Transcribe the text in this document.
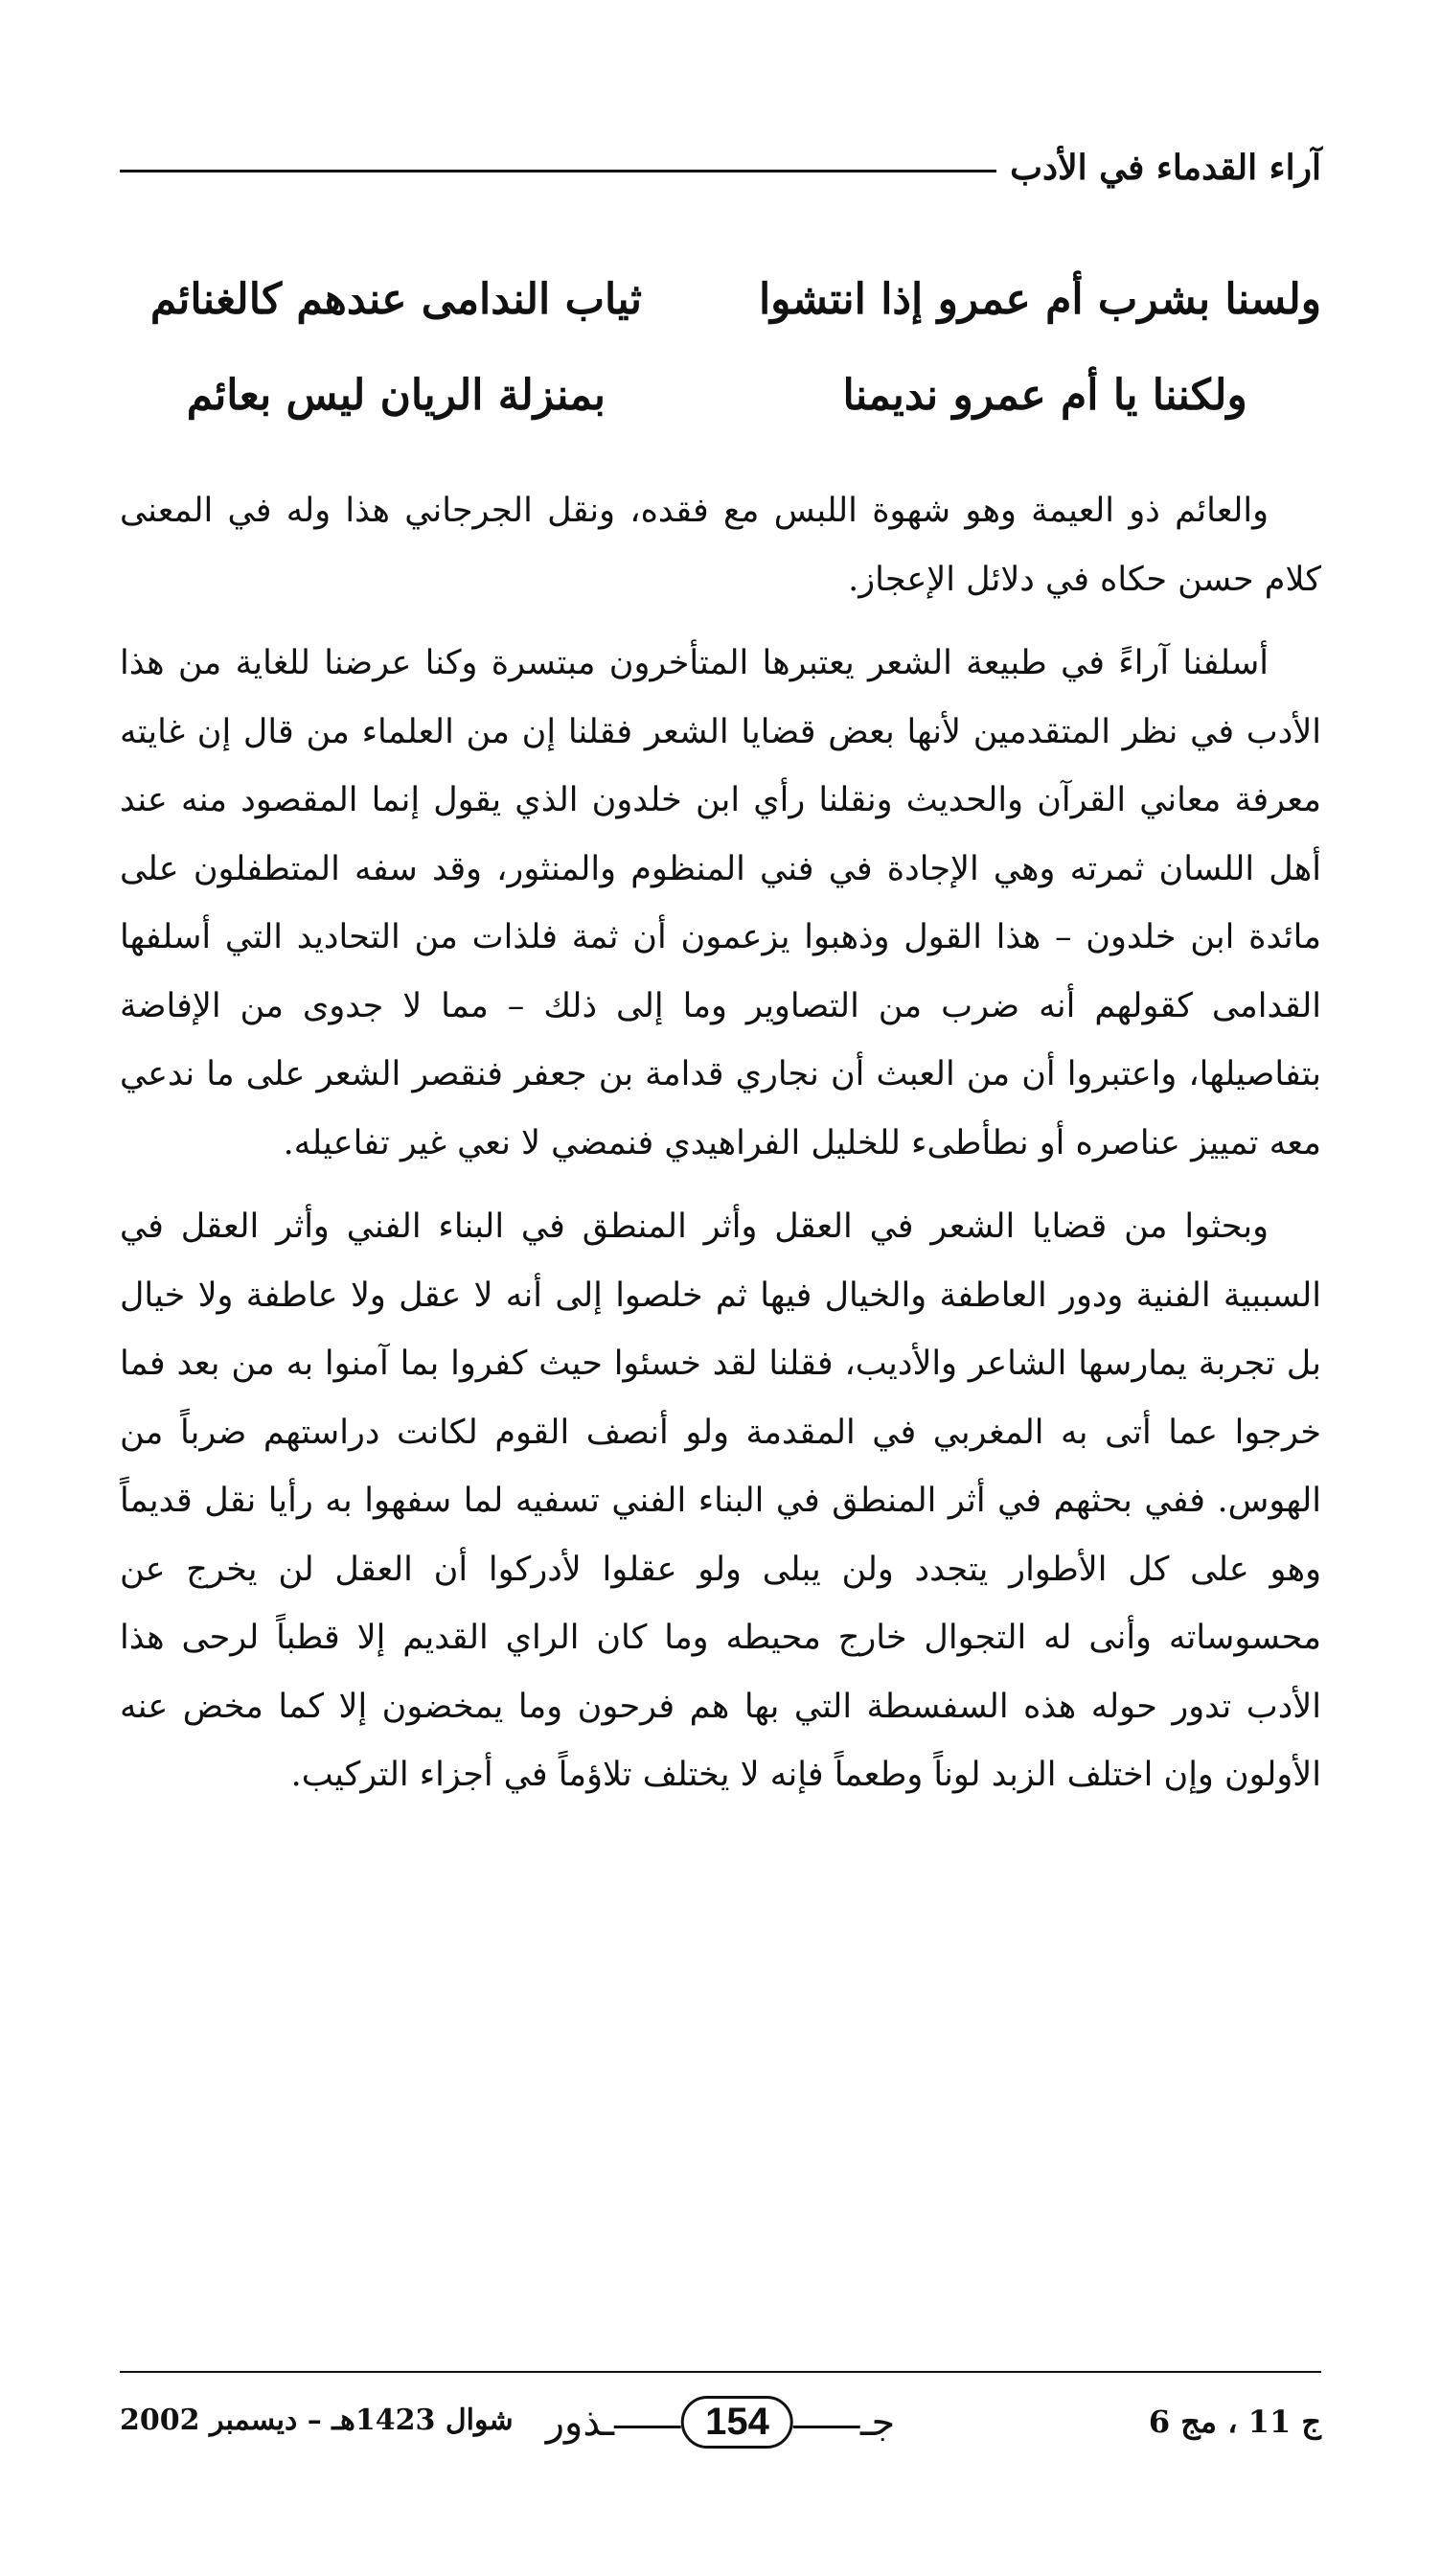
آراء القدماء في الأدب
ولسنا بشرب أم عمرو إذا انتشوا
ثياب الندامى عندهم كالغنائم
ولكننا يا أم عمرو نديمنا
بمنزلة الريان ليس بعائم

والعائم ذو العيمة وهو شهوة اللبس مع فقده، ونقل الجرجاني هذا وله في المعنى كلام حسن حكاه في دلائل الإعجاز.

أسلفنا آراءً في طبيعة الشعر يعتبرها المتأخرون مبتسرة وكنا عرضنا للغاية من هذا الأدب في نظر المتقدمين لأنها بعض قضايا الشعر فقلنا إن من العلماء من قال إن غايته معرفة معاني القرآن والحديث ونقلنا رأي ابن خلدون الذي يقول إنما المقصود منه عند أهل اللسان ثمرته وهي الإجادة في فني المنظوم والمنثور، وقد سفه المتطفلون على مائدة ابن خلدون – هذا القول وذهبوا يزعمون أن ثمة فلذات من التحاديد التي أسلفها القدامى كقولهم أنه ضرب من التصاوير وما إلى ذلك – مما لا جدوى من الإفاضة بتفاصيلها، واعتبروا أن من العبث أن نجاري قدامة بن جعفر فنقصر الشعر على ما ندعي معه تمييز عناصره أو نطأطىء للخليل الفراهيدي فنمضي لا نعي غير تفاعيله.

وبحثوا من قضايا الشعر في العقل وأثر المنطق في البناء الفني وأثر العقل في السببية الفنية ودور العاطفة والخيال فيها ثم خلصوا إلى أنه لا عقل ولا عاطفة ولا خيال بل تجربة يمارسها الشاعر والأديب، فقلنا لقد خسئوا حيث كفروا بما آمنوا به من بعد فما خرجوا عما أتى به المغربي في المقدمة ولو أنصف القوم لكانت دراستهم ضرباً من الهوس. ففي بحثهم في أثر المنطق في البناء الفني تسفيه لما سفهوا به رأيا نقل قديماً وهو على كل الأطوار يتجدد ولن يبلى ولو عقلوا لأدركوا أن العقل لن يخرج عن محسوساته وأنى له التجوال خارج محيطه وما كان الراي القديم إلا قطباً لرحى هذا الأدب تدور حوله هذه السفسطة التي بها هم فرحون وما يمخضون إلا كما مخض عنه الأولون وإن اختلف الزبد لوناً وطعماً فإنه لا يختلف تلاؤماً في أجزاء التركيب.

ج 11 ، مج 6
جـ
154
ـذور
شوال 1423هـ – ديسمبر 2002
